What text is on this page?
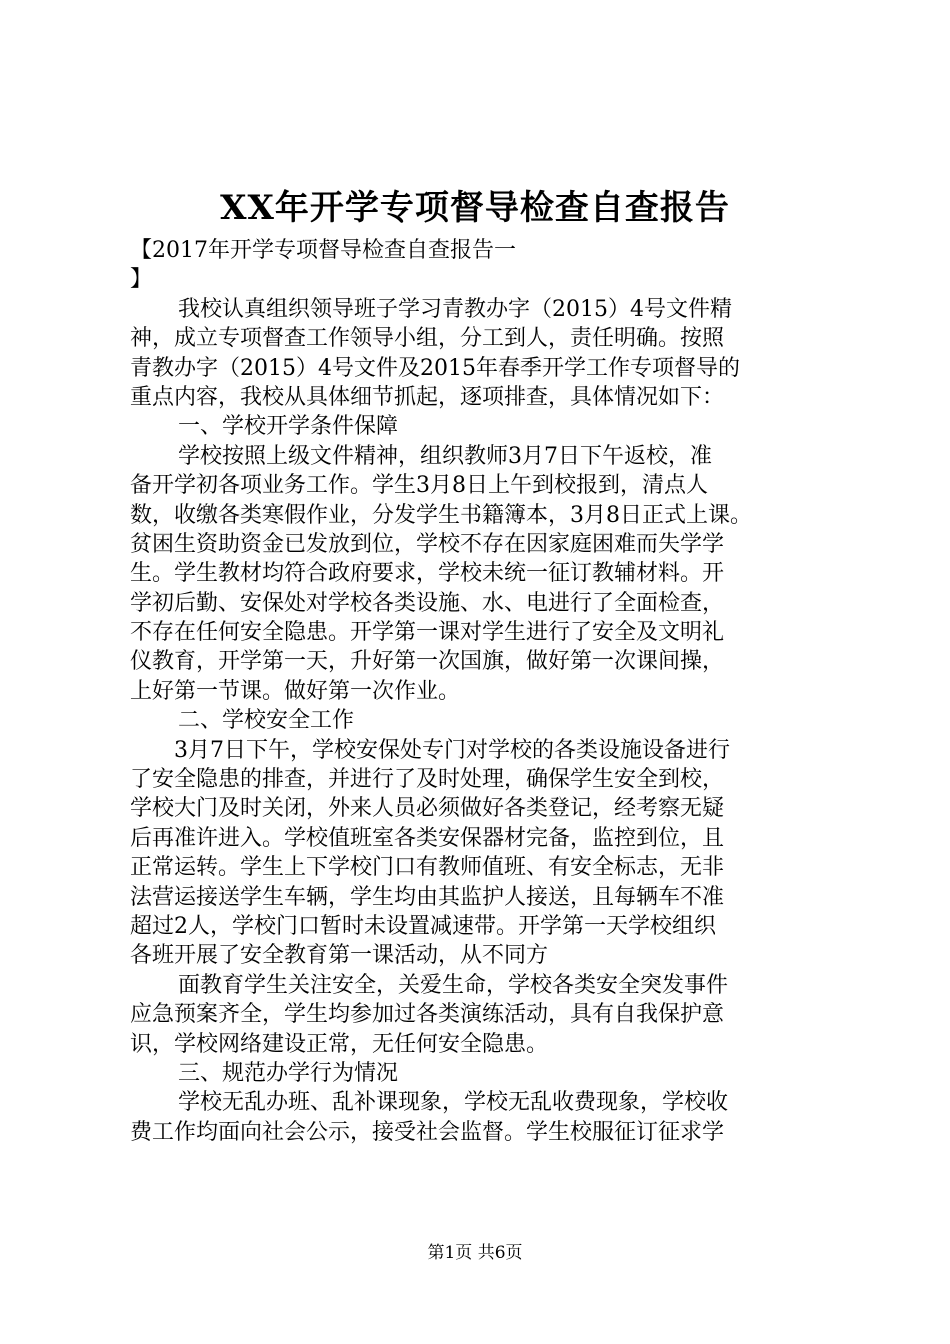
XX年开学专项督导检查自查报告
【2017年开学专项督导检查自查报告一
】
我校认真组织领导班子学习青教办字（2015）4号文件精
神，成立专项督查工作领导小组，分工到人，责任明确。按照
青教办字（2015）4号文件及2015年春季开学工作专项督导的
重点内容，我校从具体细节抓起，逐项排查，具体情况如下：
一、学校开学条件保障
学校按照上级文件精神，组织教师3月7日下午返校，准
备开学初各项业务工作。学生3月8日上午到校报到，清点人
数，收缴各类寒假作业，分发学生书籍簿本，3月8日正式上课。
贫困生资助资金已发放到位，学校不存在因家庭困难而失学学
生。学生教材均符合政府要求，学校未统一征订教辅材料。开
学初后勤、安保处对学校各类设施、水、电进行了全面检查，
不存在任何安全隐患。开学第一课对学生进行了安全及文明礼
仪教育，开学第一天，升好第一次国旗，做好第一次课间操，
上好第一节课。做好第一次作业。
二、学校安全工作
3月7日下午，学校安保处专门对学校的各类设施设备进行
了安全隐患的排查，并进行了及时处理，确保学生安全到校，
学校大门及时关闭，外来人员必须做好各类登记，经考察无疑
后再准许进入。学校值班室各类安保器材完备，监控到位，且
正常运转。学生上下学校门口有教师值班、有安全标志，无非
法营运接送学生车辆，学生均由其监护人接送，且每辆车不准
超过2人，学校门口暂时未设置减速带。开学第一天学校组织
各班开展了安全教育第一课活动，从不同方
面教育学生关注安全，关爱生命，学校各类安全突发事件
应急预案齐全，学生均参加过各类演练活动，具有自我保护意
识，学校网络建设正常，无任何安全隐患。
三、规范办学行为情况
学校无乱办班、乱补课现象，学校无乱收费现象，学校收
费工作均面向社会公示，接受社会监督。学生校服征订征求学
第1页 共6页
